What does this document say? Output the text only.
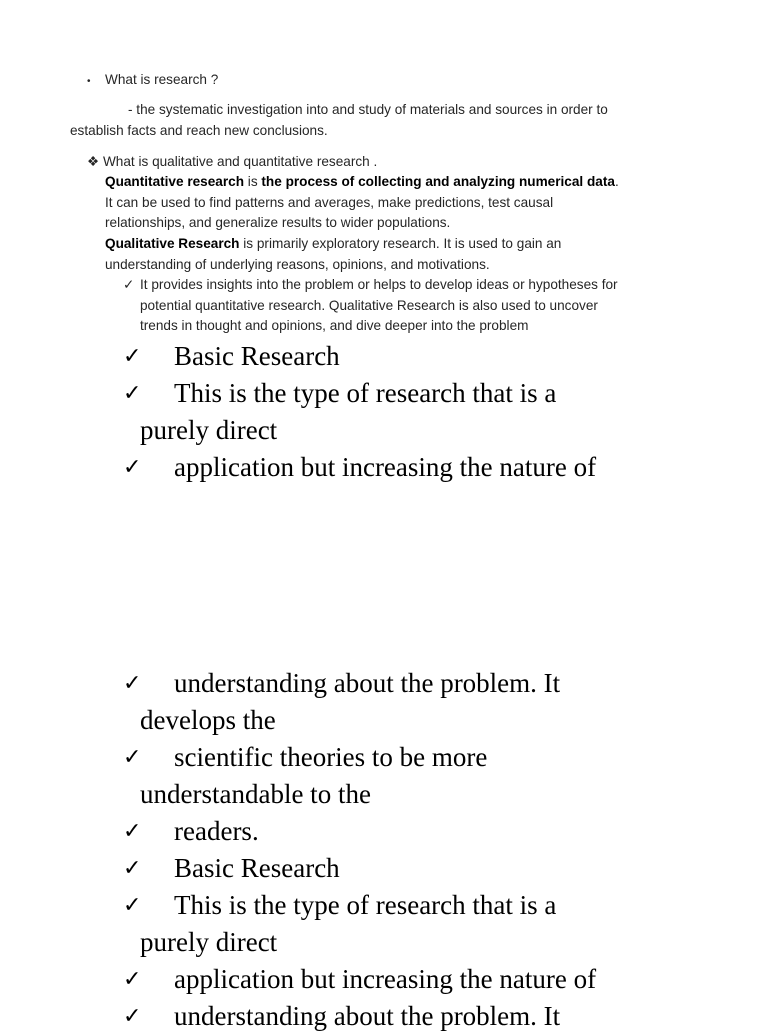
• What is research ?
- the systematic investigation into and study of materials and sources in order to
establish facts and reach new conclusions.
❖ What is qualitative and quantitative research .
Quantitative research is the process of collecting and analyzing numerical data.
It can be used to find patterns and averages, make predictions, test causal
relationships, and generalize results to wider populations.
Qualitative Research is primarily exploratory research. It is used to gain an
understanding of underlying reasons, opinions, and motivations.
✓ It provides insights into the problem or helps to develop ideas or hypotheses for
potential quantitative research. Qualitative Research is also used to uncover
trends in thought and opinions, and dive deeper into the problem
✓	Basic Research
✓	This is the type of research that is a
purely direct
✓	application but increasing the nature of
✓	understanding about the problem. It
develops the
✓	scientific theories to be more
understandable to the
✓	readers.
✓	Basic Research
✓	This is the type of research that is a
purely direct
✓	application but increasing the nature of
✓	understanding about the problem. It
